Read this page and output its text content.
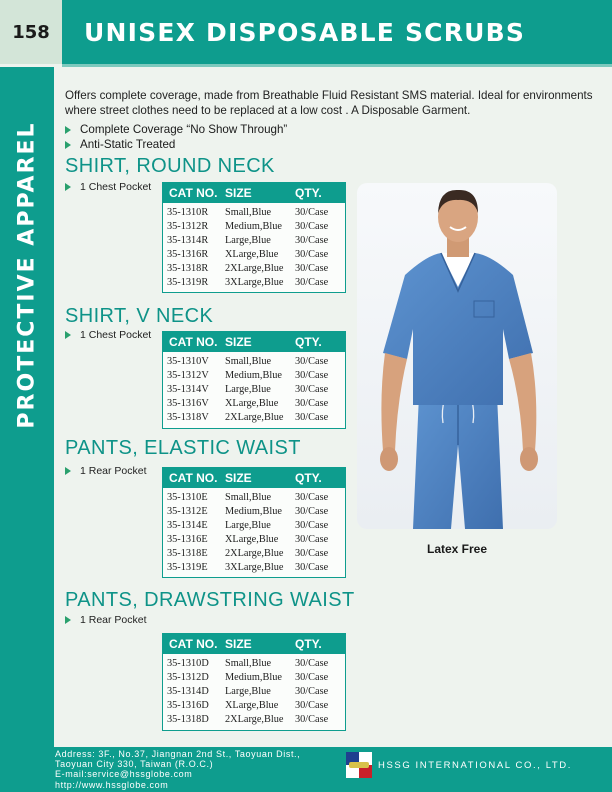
158	UNISEX DISPOSABLE SCRUBS
PROTECTIVE APPAREL

Offers complete coverage, made from Breathable Fluid Resistant SMS material. Ideal for environments where street clothes need to be replaced at a low cost . A Disposable Garment.

Complete Coverage “No Show Through”
Anti-Static Treated
SHIRT, ROUND NECK
1 Chest Pocket	CAT NO. SIZE	QTY.
35-1310R	Small,Blue	30/Case
35-1312R	Medium,Blue	30/Case
35-1314R	Large,Blue	30/Case
35-1316R	XLarge,Blue	30/Case
35-1318R	2XLarge,Blue	30/Case
35-1319R	3XLarge,Blue	30/Case
SHIRT, V NECK
1 Chest Pocket	CAT NO. SIZE	QTY.
35-1310V	Small,Blue	30/Case
35-1312V	Medium,Blue	30/Case
35-1314V	Large,Blue	30/Case
35-1316V	XLarge,Blue	30/Case
35-1318V	2XLarge,Blue	30/Case
PANTS, ELASTIC WAIST
1 Rear Pocket	CAT NO. SIZE	QTY.
35-1310E	Small,Blue	30/Case
35-1312E	Medium,Blue	30/Case
35-1314E	Large,Blue	30/Case
35-1316E	XLarge,Blue	30/Case
35-1318E	2XLarge,Blue	30/Case
35-1319E	3XLarge,Blue	30/Case
PANTS, DRAWSTRING WAIST
1 Rear Pocket
CAT NO. SIZE	QTY.
35-1310D	Small,Blue	30/Case
35-1312D	Medium,Blue	30/Case
35-1314D	Large,Blue	30/Case
35-1316D	XLarge,Blue	30/Case
35-1318D	2XLarge,Blue	30/Case
Latex Free
Address: 3F., No.37, Jiangnan 2nd St., Taoyuan Dist.,
Taoyuan City 330, Taiwan (R.O.C.)
E-mail:service@hssglobe.com
http://www.hssglobe.com
HSSG INTERNATIONAL CO., LTD.
